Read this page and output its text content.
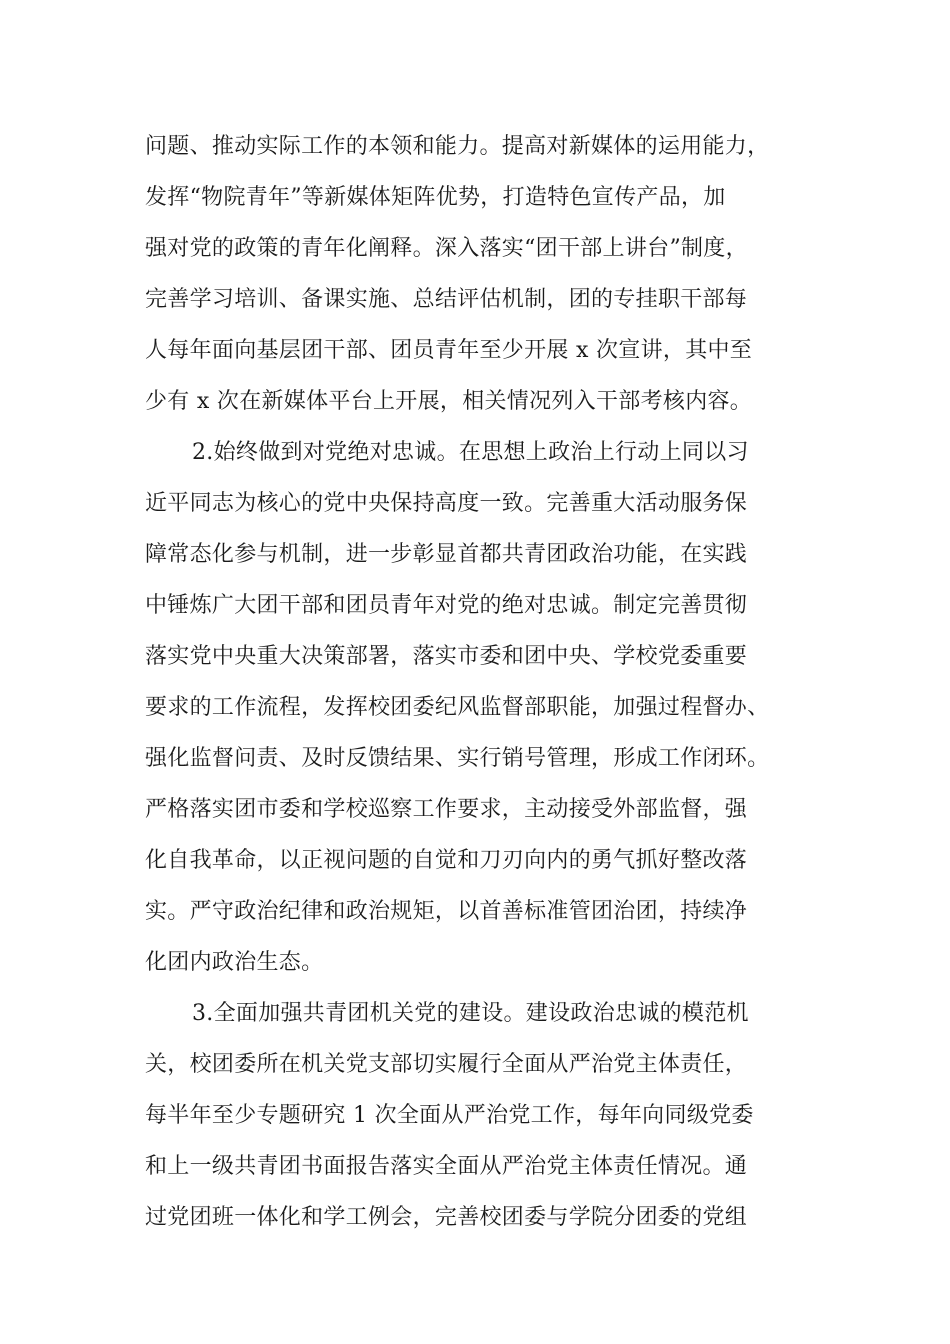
问题、推动实际工作的本领和能力。提高对新媒体的运用能力，
发挥“物院青年”等新媒体矩阵优势，打造特色宣传产品，加
强对党的政策的青年化阐释。深入落实“团干部上讲台”制度，
完善学习培训、备课实施、总结评估机制，团的专挂职干部每
人每年面向基层团干部、团员青年至少开展 x 次宣讲，其中至
少有 x 次在新媒体平台上开展，相关情况列入干部考核内容。
2.始终做到对党绝对忠诚。在思想上政治上行动上同以习
近平同志为核心的党中央保持高度一致。完善重大活动服务保
障常态化参与机制，进一步彰显首都共青团政治功能，在实践
中锤炼广大团干部和团员青年对党的绝对忠诚。制定完善贯彻
落实党中央重大决策部署，落实市委和团中央、学校党委重要
要求的工作流程，发挥校团委纪风监督部职能，加强过程督办、
强化监督问责、及时反馈结果、实行销号管理，形成工作闭环。
严格落实团市委和学校巡察工作要求，主动接受外部监督，强
化自我革命，以正视问题的自觉和刀刃向内的勇气抓好整改落
实。严守政治纪律和政治规矩，以首善标准管团治团，持续净
化团内政治生态。
3.全面加强共青团机关党的建设。建设政治忠诚的模范机
关，校团委所在机关党支部切实履行全面从严治党主体责任，
每半年至少专题研究 1 次全面从严治党工作，每年向同级党委
和上一级共青团书面报告落实全面从严治党主体责任情况。通
过党团班一体化和学工例会，完善校团委与学院分团委的党组
